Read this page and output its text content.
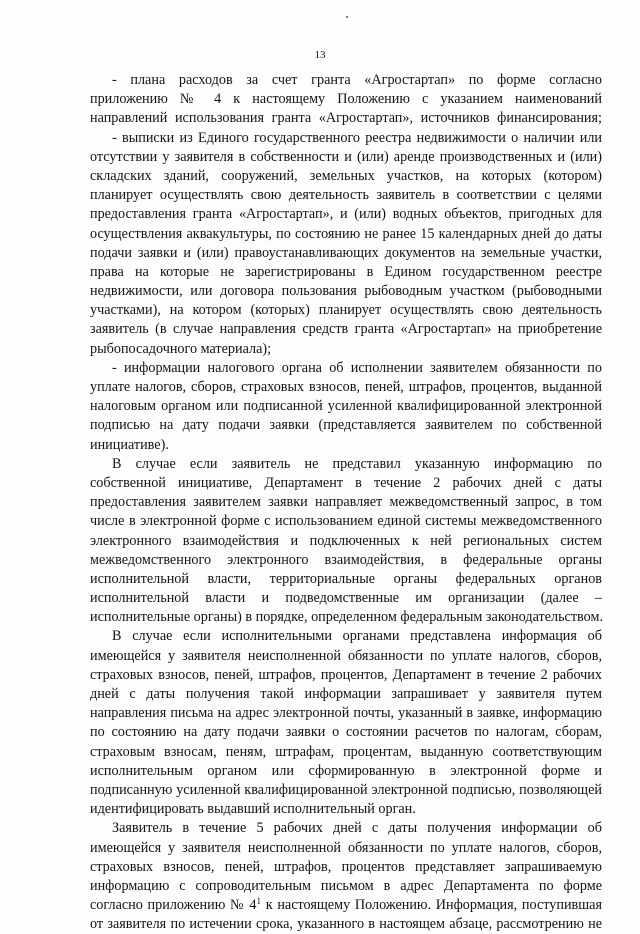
13
- плана расходов за счет гранта «Агростартап» по форме согласно
приложению № 4 к настоящему Положению с указанием наименований
направлений использования гранта «Агростартап», источников финансирования;
- выписки из Единого государственного реестра недвижимости о наличии или
отсутствии у заявителя в собственности и (или) аренде производственных и (или)
складских зданий, сооружений, земельных участков, на которых (котором)
планирует осуществлять свою деятельность заявитель в соответствии с целями
предоставления гранта «Агростартап», и (или) водных объектов, пригодных для
осуществления аквакультуры, по состоянию не ранее 15 календарных дней до даты
подачи заявки и (или) правоустанавливающих документов на земельные участки,
права на которые не зарегистрированы в Едином государственном реестре
недвижимости, или договора пользования рыбоводным участком (рыбоводными
участками), на котором (которых) планирует осуществлять свою деятельность
заявитель (в случае направления средств гранта «Агростартап» на приобретение
рыбопосадочного материала);
- информации налогового органа об исполнении заявителем обязанности по
уплате налогов, сборов, страховых взносов, пеней, штрафов, процентов, выданной
налоговым органом или подписанной усиленной квалифицированной электронной
подписью на дату подачи заявки (представляется заявителем по собственной
инициативе).
В случае если заявитель не представил указанную информацию по
собственной инициативе, Департамент в течение 2 рабочих дней с даты
предоставления заявителем заявки направляет межведомственный запрос, в том
числе в электронной форме с использованием единой системы межведомственного
электронного взаимодействия и подключенных к ней региональных систем
межведомственного электронного взаимодействия, в федеральные органы
исполнительной власти, территориальные органы федеральных органов
исполнительной власти и подведомственные им организации (далее –
исполнительные органы) в порядке, определенном федеральным законодательством.
В случае если исполнительными органами представлена информация об
имеющейся у заявителя неисполненной обязанности по уплате налогов, сборов,
страховых взносов, пеней, штрафов, процентов, Департамент в течение 2 рабочих
дней с даты получения такой информации запрашивает у заявителя путем
направления письма на адрес электронной почты, указанный в заявке, информацию
по состоянию на дату подачи заявки о состоянии расчетов по налогам, сборам,
страховым взносам, пеням, штрафам, процентам, выданную соответствующим
исполнительным органом или сформированную в электронной форме и
подписанную усиленной квалифицированной электронной подписью, позволяющей
идентифицировать выдавший исполнительный орган.
Заявитель в течение 5 рабочих дней с даты получения информации об
имеющейся у заявителя неисполненной обязанности по уплате налогов, сборов,
страховых взносов, пеней, штрафов, процентов представляет запрашиваемую
информацию с сопроводительным письмом в адрес Департамента по форме
согласно приложению № $4^1$ к настоящему Положению. Информация, поступившая
от заявителя по истечении срока, указанного в настоящем абзаце, рассмотрению не
